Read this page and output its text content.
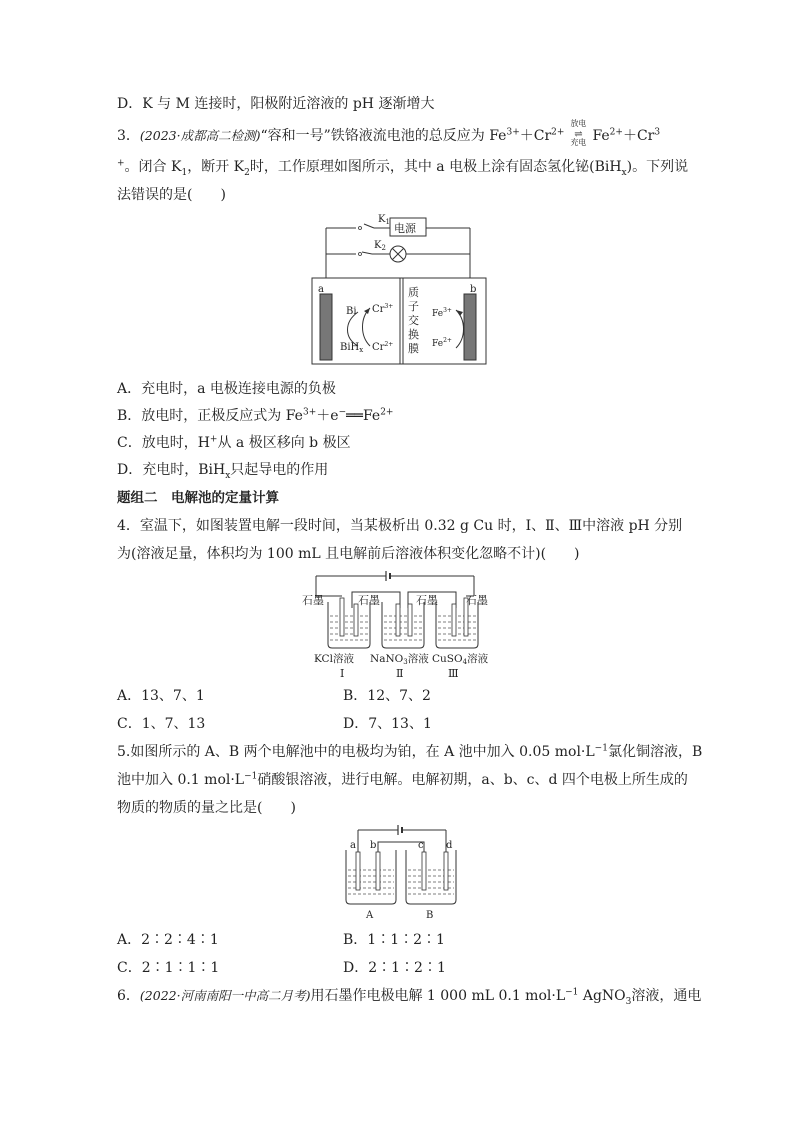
D．K 与 M 连接时，阳极附近溶液的 pH 逐渐增大
3．(2023·成都高二检测)“容和一号”铁铬液流电池的总反应为 $Fe^{3+}+Cr^{2+}$
放电
⇌
充电 $Fe^{2+}+Cr^3$
+。闭合 $K_1$，断开 $K_2$时，工作原理如图所示，其中 a 电极上涂有固态氢化铋(BiH$_x$)。下列说
法错误的是(　　)
$K_1$ 电源
$K_2$
a	b
Bi
BiH$_x$
$Cr^{3+}$
$Cr^{2+}$
质
子
交
换
膜
$Fe^{3+}$
$Fe^{2+}$
A．充电时，a 电极连接电源的负极
B．放电时，正极反应式为 $Fe^{3+}+e^-══Fe^{2+}$
C．放电时，H+从 a 极区移向 b 极区
D．充电时，BiH$_x$只起导电的作用
题组二　电解池的定量计算
4．室温下，如图装置电解一段时间，当某极析出 0.32 g Cu 时，Ⅰ、Ⅱ、Ⅲ中溶液 pH 分别
为(溶液足量，体积均为 100 mL 且电解前后溶液体积变化忽略不计)(　　)
石墨	石墨	石墨	石墨
KCl溶液 NaNO3溶液 CuSO4溶液
Ⅰ	Ⅱ	Ⅲ
A．13、7、1	B．12、7、2
C．1、7、13	D．7、13、1
5.如图所示的 A、B 两个电解池中的电极均为铂，在 A 池中加入 0.05 $mol\cdot L^{-1}$氯化铜溶液，B
池中加入 0.1 $mol\cdot L^{-1}$硝酸银溶液，进行电解。电解初期，a、b、c、d 四个电极上所生成的
物质的物质的量之比是(　　)
a b	c d
A	B
A．2∶2∶4∶1	B．1∶1∶2∶1
C．2∶1∶1∶1	D．2∶1∶2∶1
6．(2022·河南南阳一中高二月考)用石墨作电极电解 1 000 mL 0.1 $mol\cdot L^{-1}$ AgNO$_3$溶液，通电
